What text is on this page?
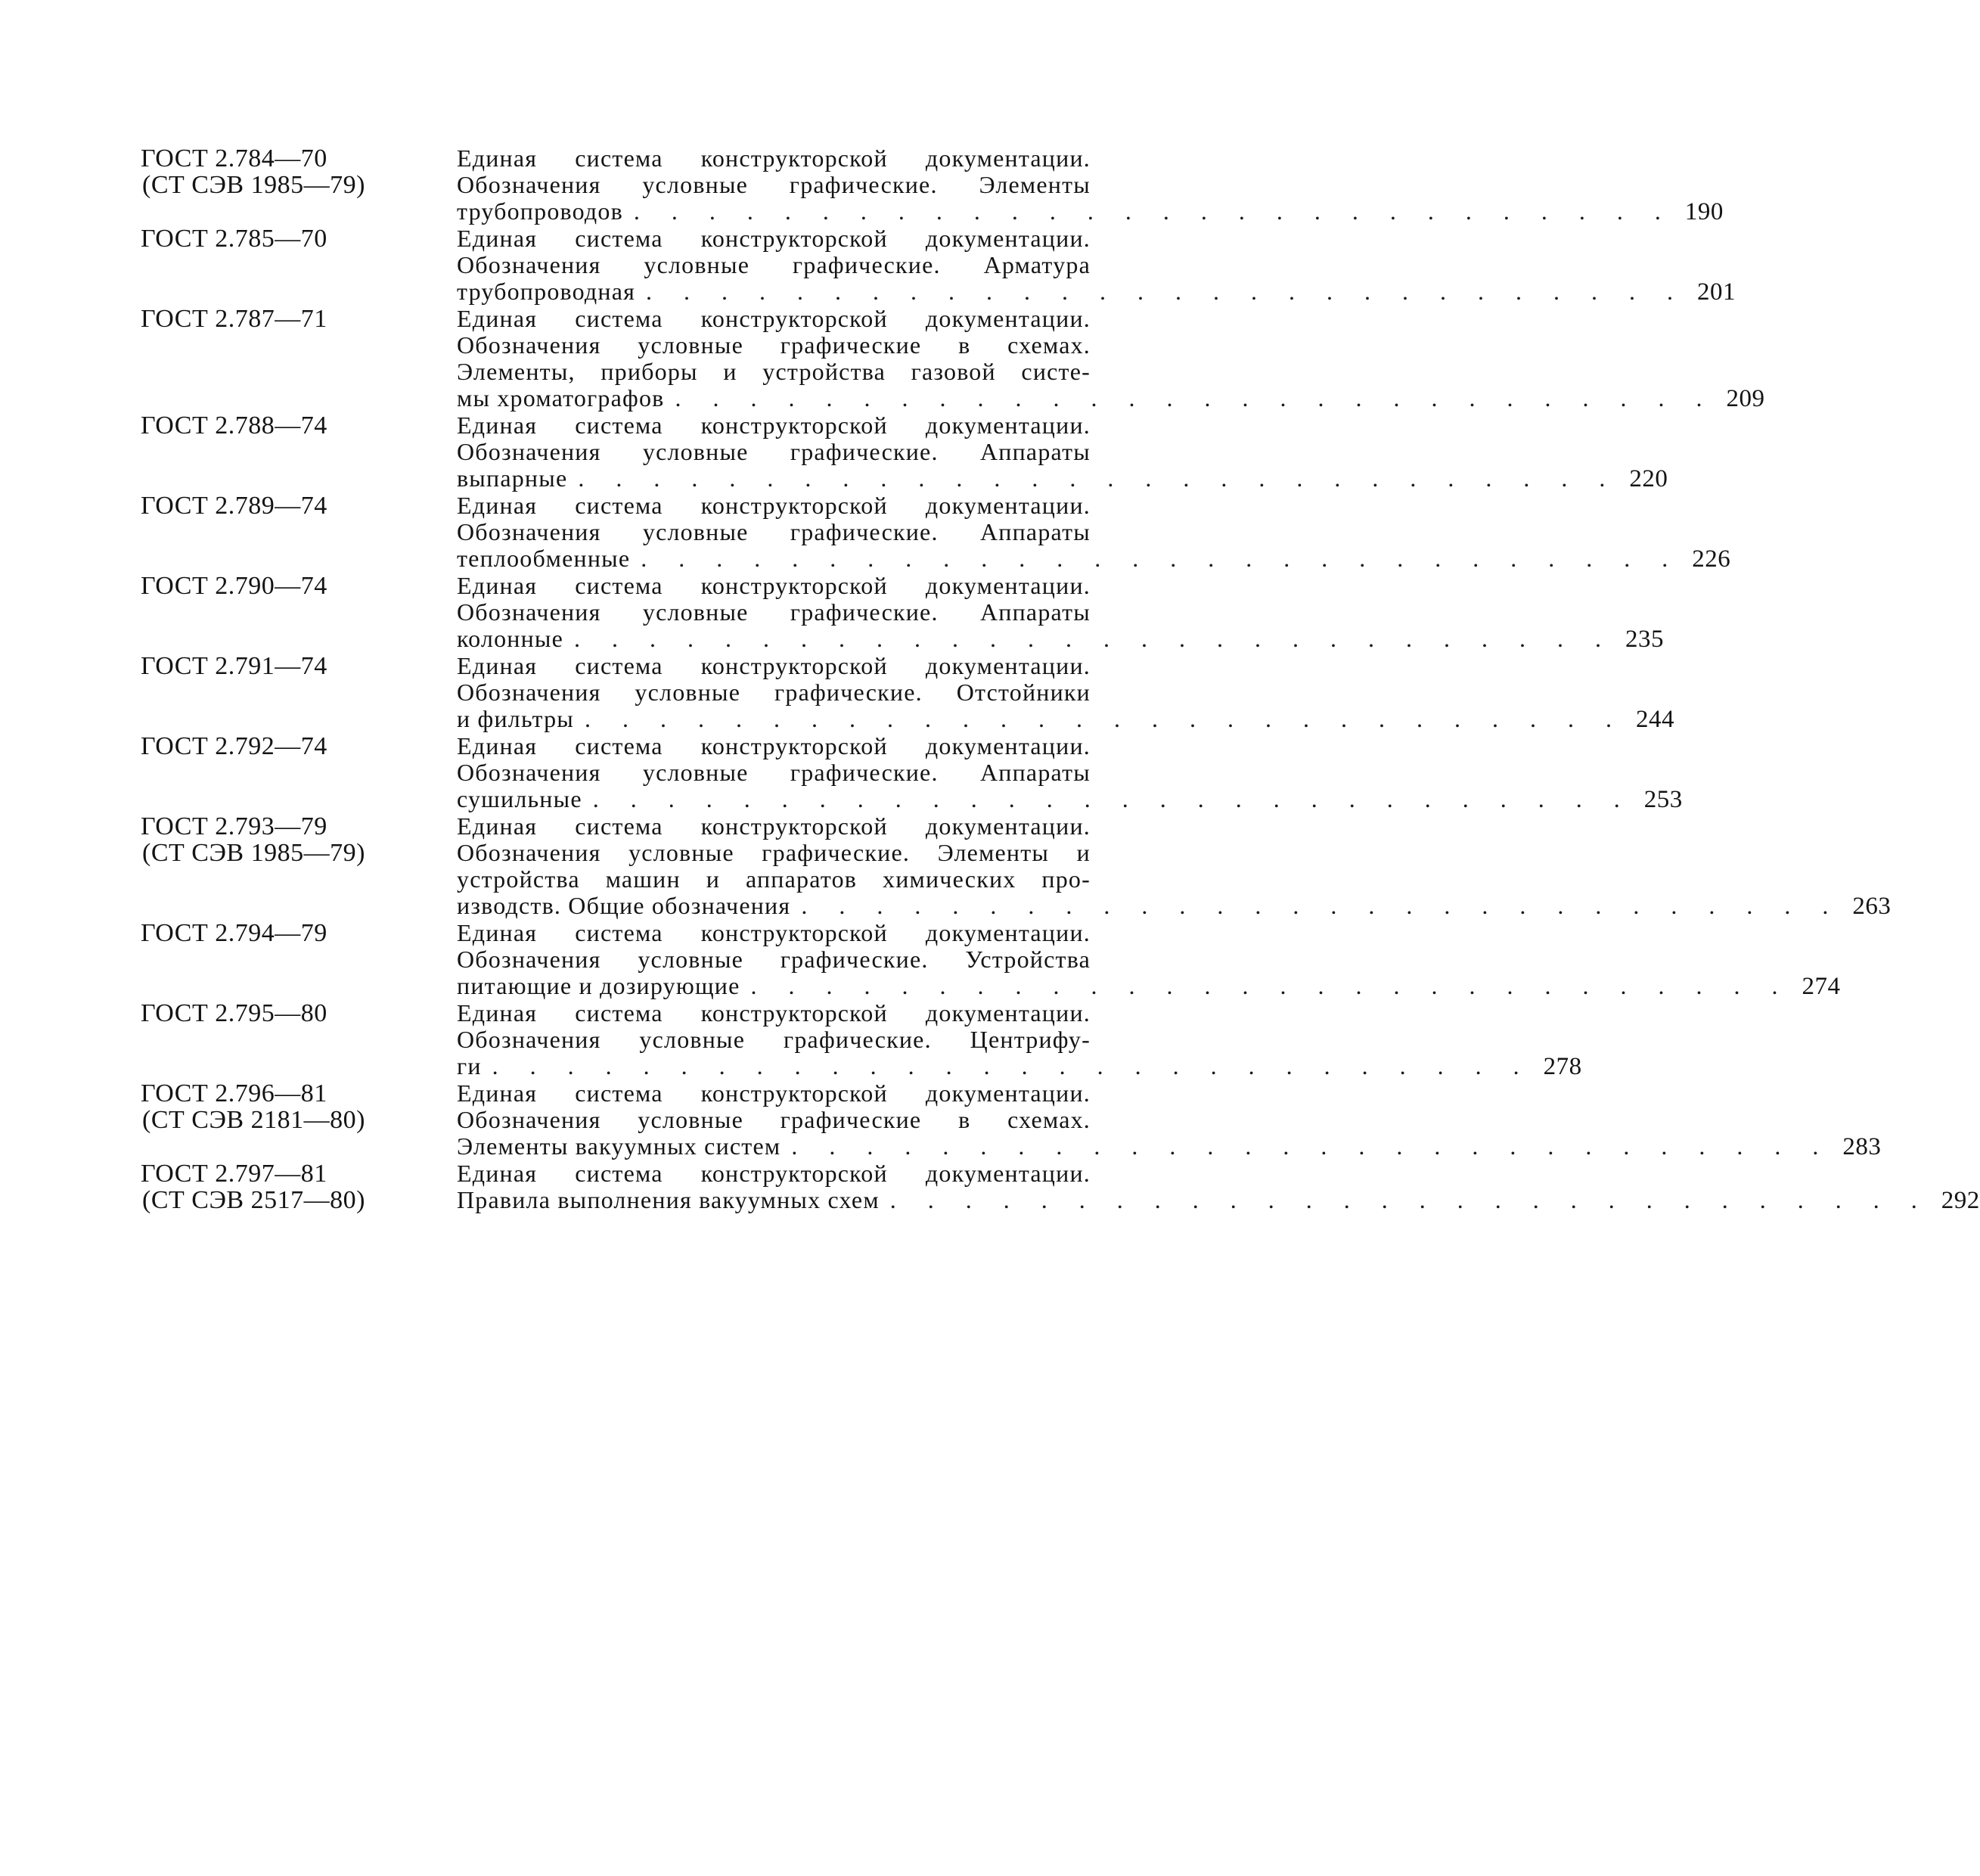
ГОСТ 2.784—70
(СТ СЭВ 1985—79)
Единая система конструкторской документации.
Обозначения условные графические. Элементы
трубопроводов . . . . . . . . . . . . . . . . . . . . . . . . . . . . 190
ГОСТ 2.785—70	Единая система конструкторской документации.
Обозначения условные графические. Арматура
трубопроводная . . . . . . . . . . . . . . . . . . . . . . . . . . . . 201
ГОСТ 2.787—71	Единая система конструкторской документации.
Обозначения условные графические в схемах.
Элементы, приборы и устройства газовой систе-
мы хроматографов . . . . . . . . . . . . . . . . . . . . . . . . . . . . 209
ГОСТ 2.788—74	Единая система конструкторской документации.
Обозначения условные графические. Аппараты
выпарные . . . . . . . . . . . . . . . . . . . . . . . . . . . . 220
ГОСТ 2.789—74	Единая система конструкторской документации.
Обозначения условные графические. Аппараты
теплообменные . . . . . . . . . . . . . . . . . . . . . . . . . . . . 226
ГОСТ 2.790—74	Единая система конструкторской документации.
Обозначения условные графические. Аппараты
колонные . . . . . . . . . . . . . . . . . . . . . . . . . . . . 235
ГОСТ 2.791—74	Единая система конструкторской документации.
Обозначения условные графические. Отстойники
и фильтры . . . . . . . . . . . . . . . . . . . . . . . . . . . . 244
ГОСТ 2.792—74	Единая система конструкторской документации.
Обозначения условные графические. Аппараты
сушильные . . . . . . . . . . . . . . . . . . . . . . . . . . . . 253
ГОСТ 2.793—79
(СТ СЭВ 1985—79)
Единая система конструкторской документации.
Обозначения условные графические. Элементы и
устройства машин и аппаратов химических про-
изводств. Общие обозначения . . . . . . . . . . . . . . . . . . . . . . . . . . . . 263
ГОСТ 2.794—79	Единая система конструкторской документации.
Обозначения условные графические. Устройства
питающие и дозирующие . . . . . . . . . . . . . . . . . . . . . . . . . . . . 274
ГОСТ 2.795—80	Единая система конструкторской документации.
Обозначения условные графические. Центрифу-
ги . . . . . . . . . . . . . . . . . . . . . . . . . . . . 278
ГОСТ 2.796—81
(СТ СЭВ 2181—80)
Единая система конструкторской документации.
Обозначения условные графические в схемах.
Элементы вакуумных систем . . . . . . . . . . . . . . . . . . . . . . . . . . . . 283
ГОСТ 2.797—81
(СТ СЭВ 2517—80)
Единая система конструкторской документации.
Правила выполнения вакуумных схем . . . . . . . . . . . . . . . . . . . . . . . . . . . . 292
